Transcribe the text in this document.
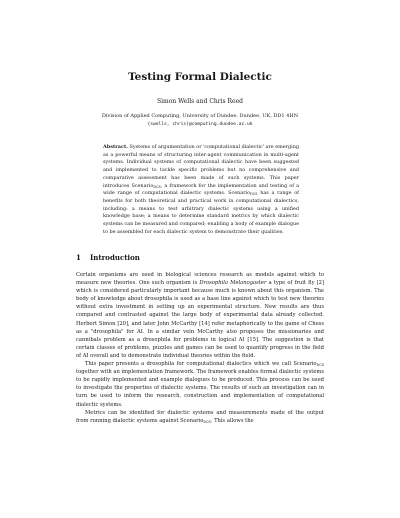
Testing Formal Dialectic
Simon Wells and Chris Reed
Division of Applied Computing, University of Dundee, Dundee, UK, DD1 4HN
{swells, chris}@computing.dundee.ac.uk
Abstract. Systems of argumentation or 'computational dialectic' are emerging as a powerful means of structuring inter-agent communication in multi-agent systems. Individual systems of computational dialectic have been suggested and implemented to tackle specific problems but no comprehensive and comparative assessment has been made of such systems. This paper introduces Scenario$_{DCS}$, a framework for the implementation and testing of a wide range of computational dialectic systems. Scenario$_{DCS}$ has a range of benefits for both theoretical and practical work in computational dialectics, including: a means to test arbitrary dialectic systems using a unified knowledge base; a means to determine standard metrics by which dialectic systems can be measured and compared; enabling a body of example dialogue to be assembled for each dialectic system to demonstrate their qualities.
1 Introduction

Certain organisms are used in biological sciences research as models against which to measure new theories. One such organism is Drosophila Melanogaster a type of fruit fly [2] which is considered particularly important because much is known about this organism. The body of knowledge about drosophila is used as a base line against which to test new theories without extra investment in setting up an experimental structure. New results are thus compared and contrasted against the large body of experimental data already collected. Herbert Simon [20], and later John McCarthy [14] refer metaphorically to the game of Chess as a "drosophila" for AI. In a similar vein McCarthy also proposes the missionaries and cannibals problem as a drosophila for problems in logical AI [15]. The suggestion is that certain classes of problems, puzzles and games can be used to quantify progress in the field of AI overall and to demonstrate individual theories within the field.

This paper presents a drosophila for computational dialectics which we call Scenario$_{DCS}$ together with an implementation framework. The framework enables formal dialectic systems to be rapidly implemented and example dialogues to be produced. This process can be used to investigate the properties of dialectic systems. The results of such an investigation can in turn be used to inform the research, construction and implementation of computational dialectic systems.

Metrics can be identified for dialectic systems and measurements made of the output from running dialectic systems against Scenario$_{DCS}$. This allows the
